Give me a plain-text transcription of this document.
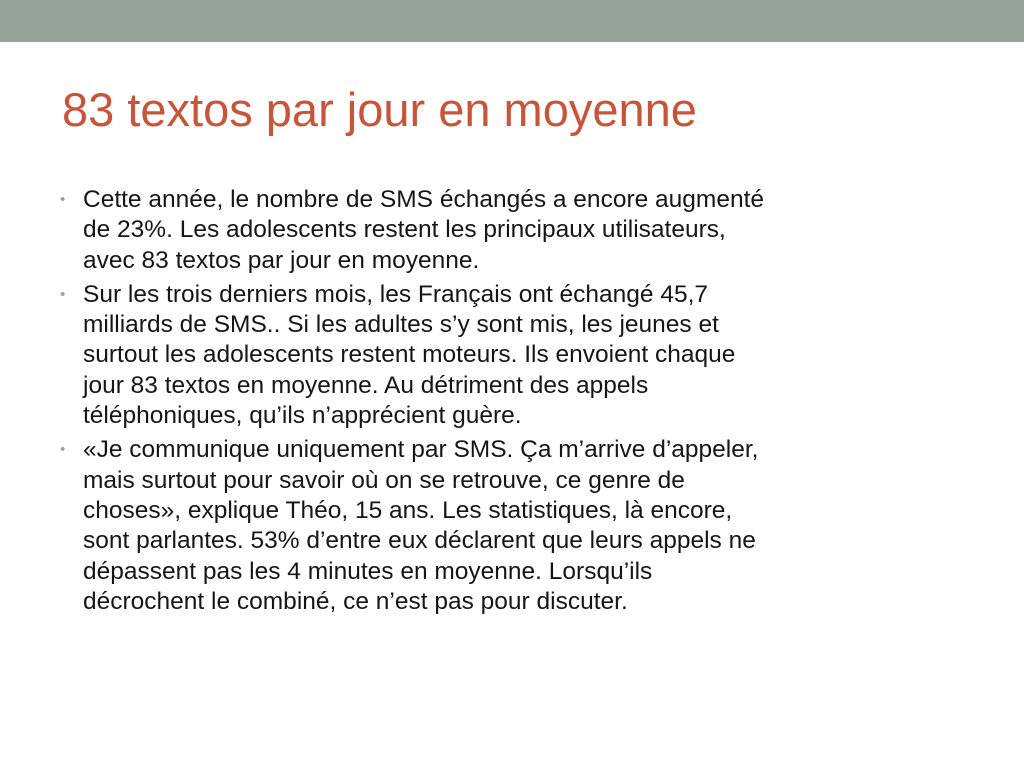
83 textos par jour en moyenne
• Cette année, le nombre de SMS échangés a encore augmenté
de 23%. Les adolescents restent les principaux utilisateurs,
avec 83 textos par jour en moyenne.
• Sur les trois derniers mois, les Français ont échangé 45,7
milliards de SMS.. Si les adultes s’y sont mis, les jeunes et
surtout les adolescents restent moteurs. Ils envoient chaque
jour 83 textos en moyenne. Au détriment des appels
téléphoniques, qu’ils n’apprécient guère.
• «Je communique uniquement par SMS. Ça m’arrive d’appeler,
mais surtout pour savoir où on se retrouve, ce genre de
choses», explique Théo, 15 ans. Les statistiques, là encore,
sont parlantes. 53% d’entre eux déclarent que leurs appels ne
dépassent pas les 4 minutes en moyenne. Lorsqu’ils
décrochent le combiné, ce n’est pas pour discuter.
